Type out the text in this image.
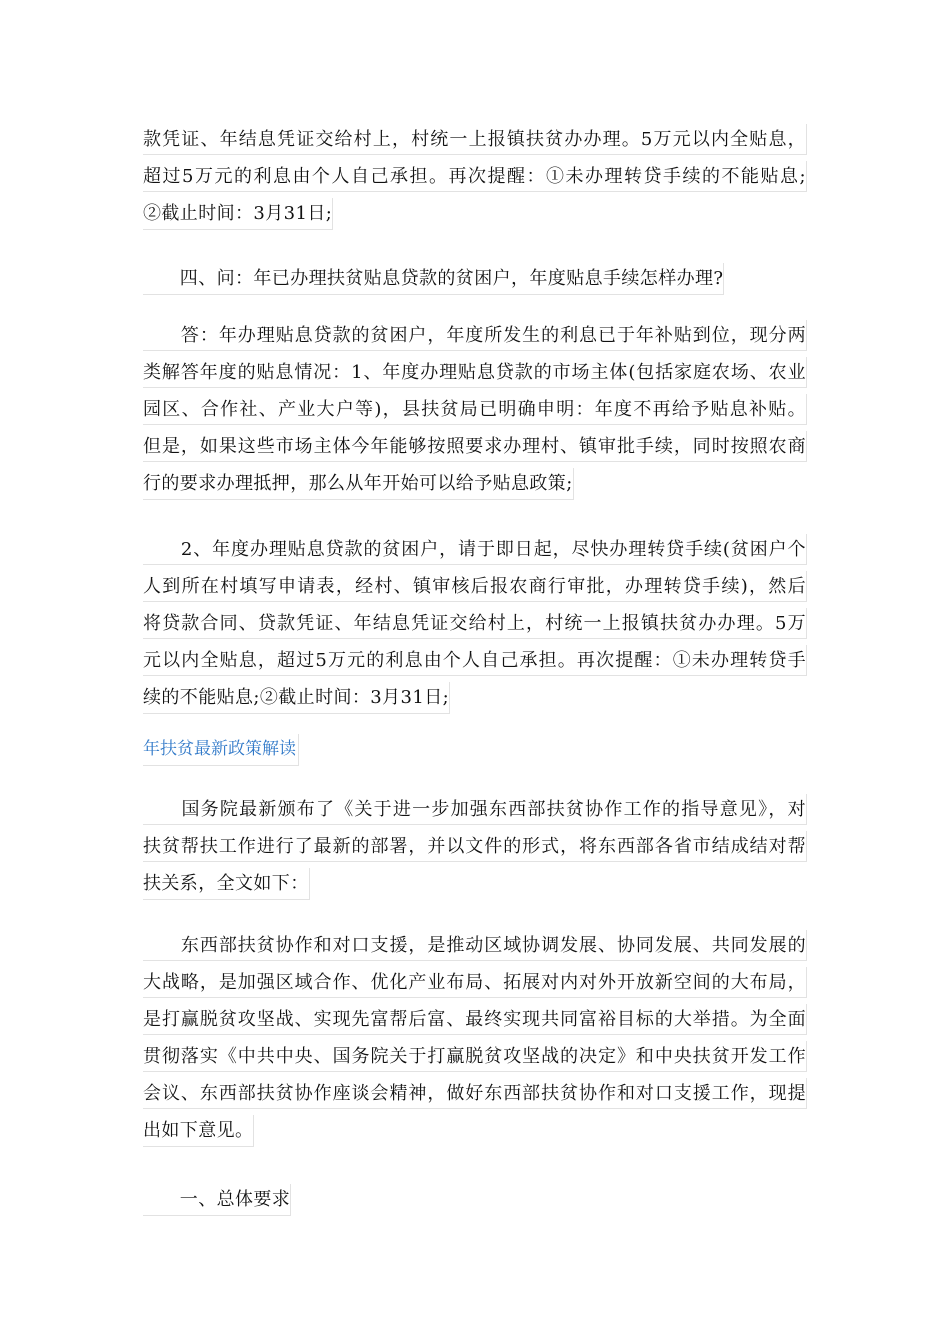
款凭证、年结息凭证交给村上，村统一上报镇扶贫办办理。5万元以内全贴息，
超过5万元的利息由个人自己承担。再次提醒：①未办理转贷手续的不能贴息;
②截止时间：3月31日;
　　四、问：年已办理扶贫贴息贷款的贫困户，年度贴息手续怎样办理?
　　答：年办理贴息贷款的贫困户，年度所发生的利息已于年补贴到位，现分两
类解答年度的贴息情况：1、年度办理贴息贷款的市场主体(包括家庭农场、农业
园区、合作社、产业大户等)，县扶贫局已明确申明：年度不再给予贴息补贴。
但是，如果这些市场主体今年能够按照要求办理村、镇审批手续，同时按照农商
行的要求办理抵押，那么从年开始可以给予贴息政策;
　　2、年度办理贴息贷款的贫困户，请于即日起，尽快办理转贷手续(贫困户个
人到所在村填写申请表，经村、镇审核后报农商行审批，办理转贷手续)，然后
将贷款合同、贷款凭证、年结息凭证交给村上，村统一上报镇扶贫办办理。5万
元以内全贴息，超过5万元的利息由个人自己承担。再次提醒：①未办理转贷手
续的不能贴息;②截止时间：3月31日;
年扶贫最新政策解读
　　国务院最新颁布了《关于进一步加强东西部扶贫协作工作的指导意见》，对
扶贫帮扶工作进行了最新的部署，并以文件的形式，将东西部各省市结成结对帮
扶关系，全文如下：
　　东西部扶贫协作和对口支援，是推动区域协调发展、协同发展、共同发展的
大战略，是加强区域合作、优化产业布局、拓展对内对外开放新空间的大布局，
是打赢脱贫攻坚战、实现先富帮后富、最终实现共同富裕目标的大举措。为全面
贯彻落实《中共中央、国务院关于打赢脱贫攻坚战的决定》和中央扶贫开发工作
会议、东西部扶贫协作座谈会精神，做好东西部扶贫协作和对口支援工作，现提
出如下意见。
　　一、总体要求
